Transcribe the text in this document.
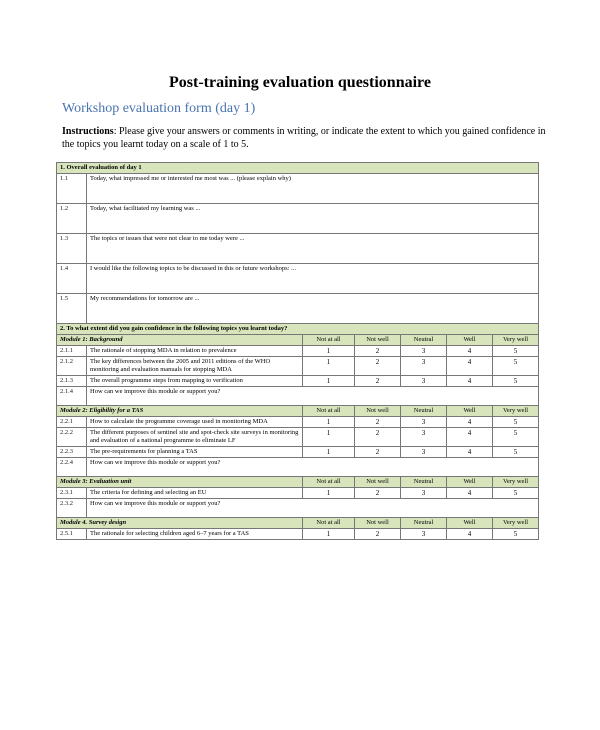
Post-training evaluation questionnaire
Workshop evaluation form (day 1)
Instructions: Please give your answers or comments in writing, or indicate the extent to which you gained confidence in the topics you learnt today on a scale of 1 to 5.
1. Overall evaluation of day 1						
1.1	Today, what impressed me or interested me most was ... (please explain why)					
1.2	Today, what facilitated my learning was ...					
1.3	The topics or issues that were not clear to me today were ...					
1.4	I would like the following topics to be discussed in this or future workshops: ...					
1.5	My recommendations for tomorrow are ...					
2. To what extent did you gain confidence in the following topics you learnt today?						
Module 1: Background		Not at all	Not well	Neutral	Well	Very well
2.1.1	The rationale of stopping MDA in relation to prevalence	1	2	3	4	5
2.1.2	The key differences between the 2005 and 2011 editions of the WHO monitoring and evaluation manuals for stopping MDA	1	2	3	4	5
2.1.3	The overall programme steps from mapping to verification	1	2	3	4	5
2.1.4	How can we improve this module or support you?					
Module 2: Eligibility for a TAS		Not at all	Not well	Neutral	Well	Very well
2.2.1	How to calculate the programme coverage used in monitoring MDA	1	2	3	4	5
2.2.2	The different purposes of sentinel site and spot-check site surveys in monitoring and evaluation of a national programme to eliminate LF	1	2	3	4	5
2.2.3	The pre-requirements for planning a TAS	1	2	3	4	5
2.2.4	How can we improve this module or support you?					
Module 3: Evaluation unit		Not at all	Not well	Neutral	Well	Very well
2.3.1	The criteria for defining and selecting an EU	1	2	3	4	5
2.3.2	How can we improve this module or support you?					
Module 4. Survey design		Not at all	Not well	Neutral	Well	Very well
2.5.1	The rationale for selecting children aged 6–7 years for a TAS	1	2	3	4	5
